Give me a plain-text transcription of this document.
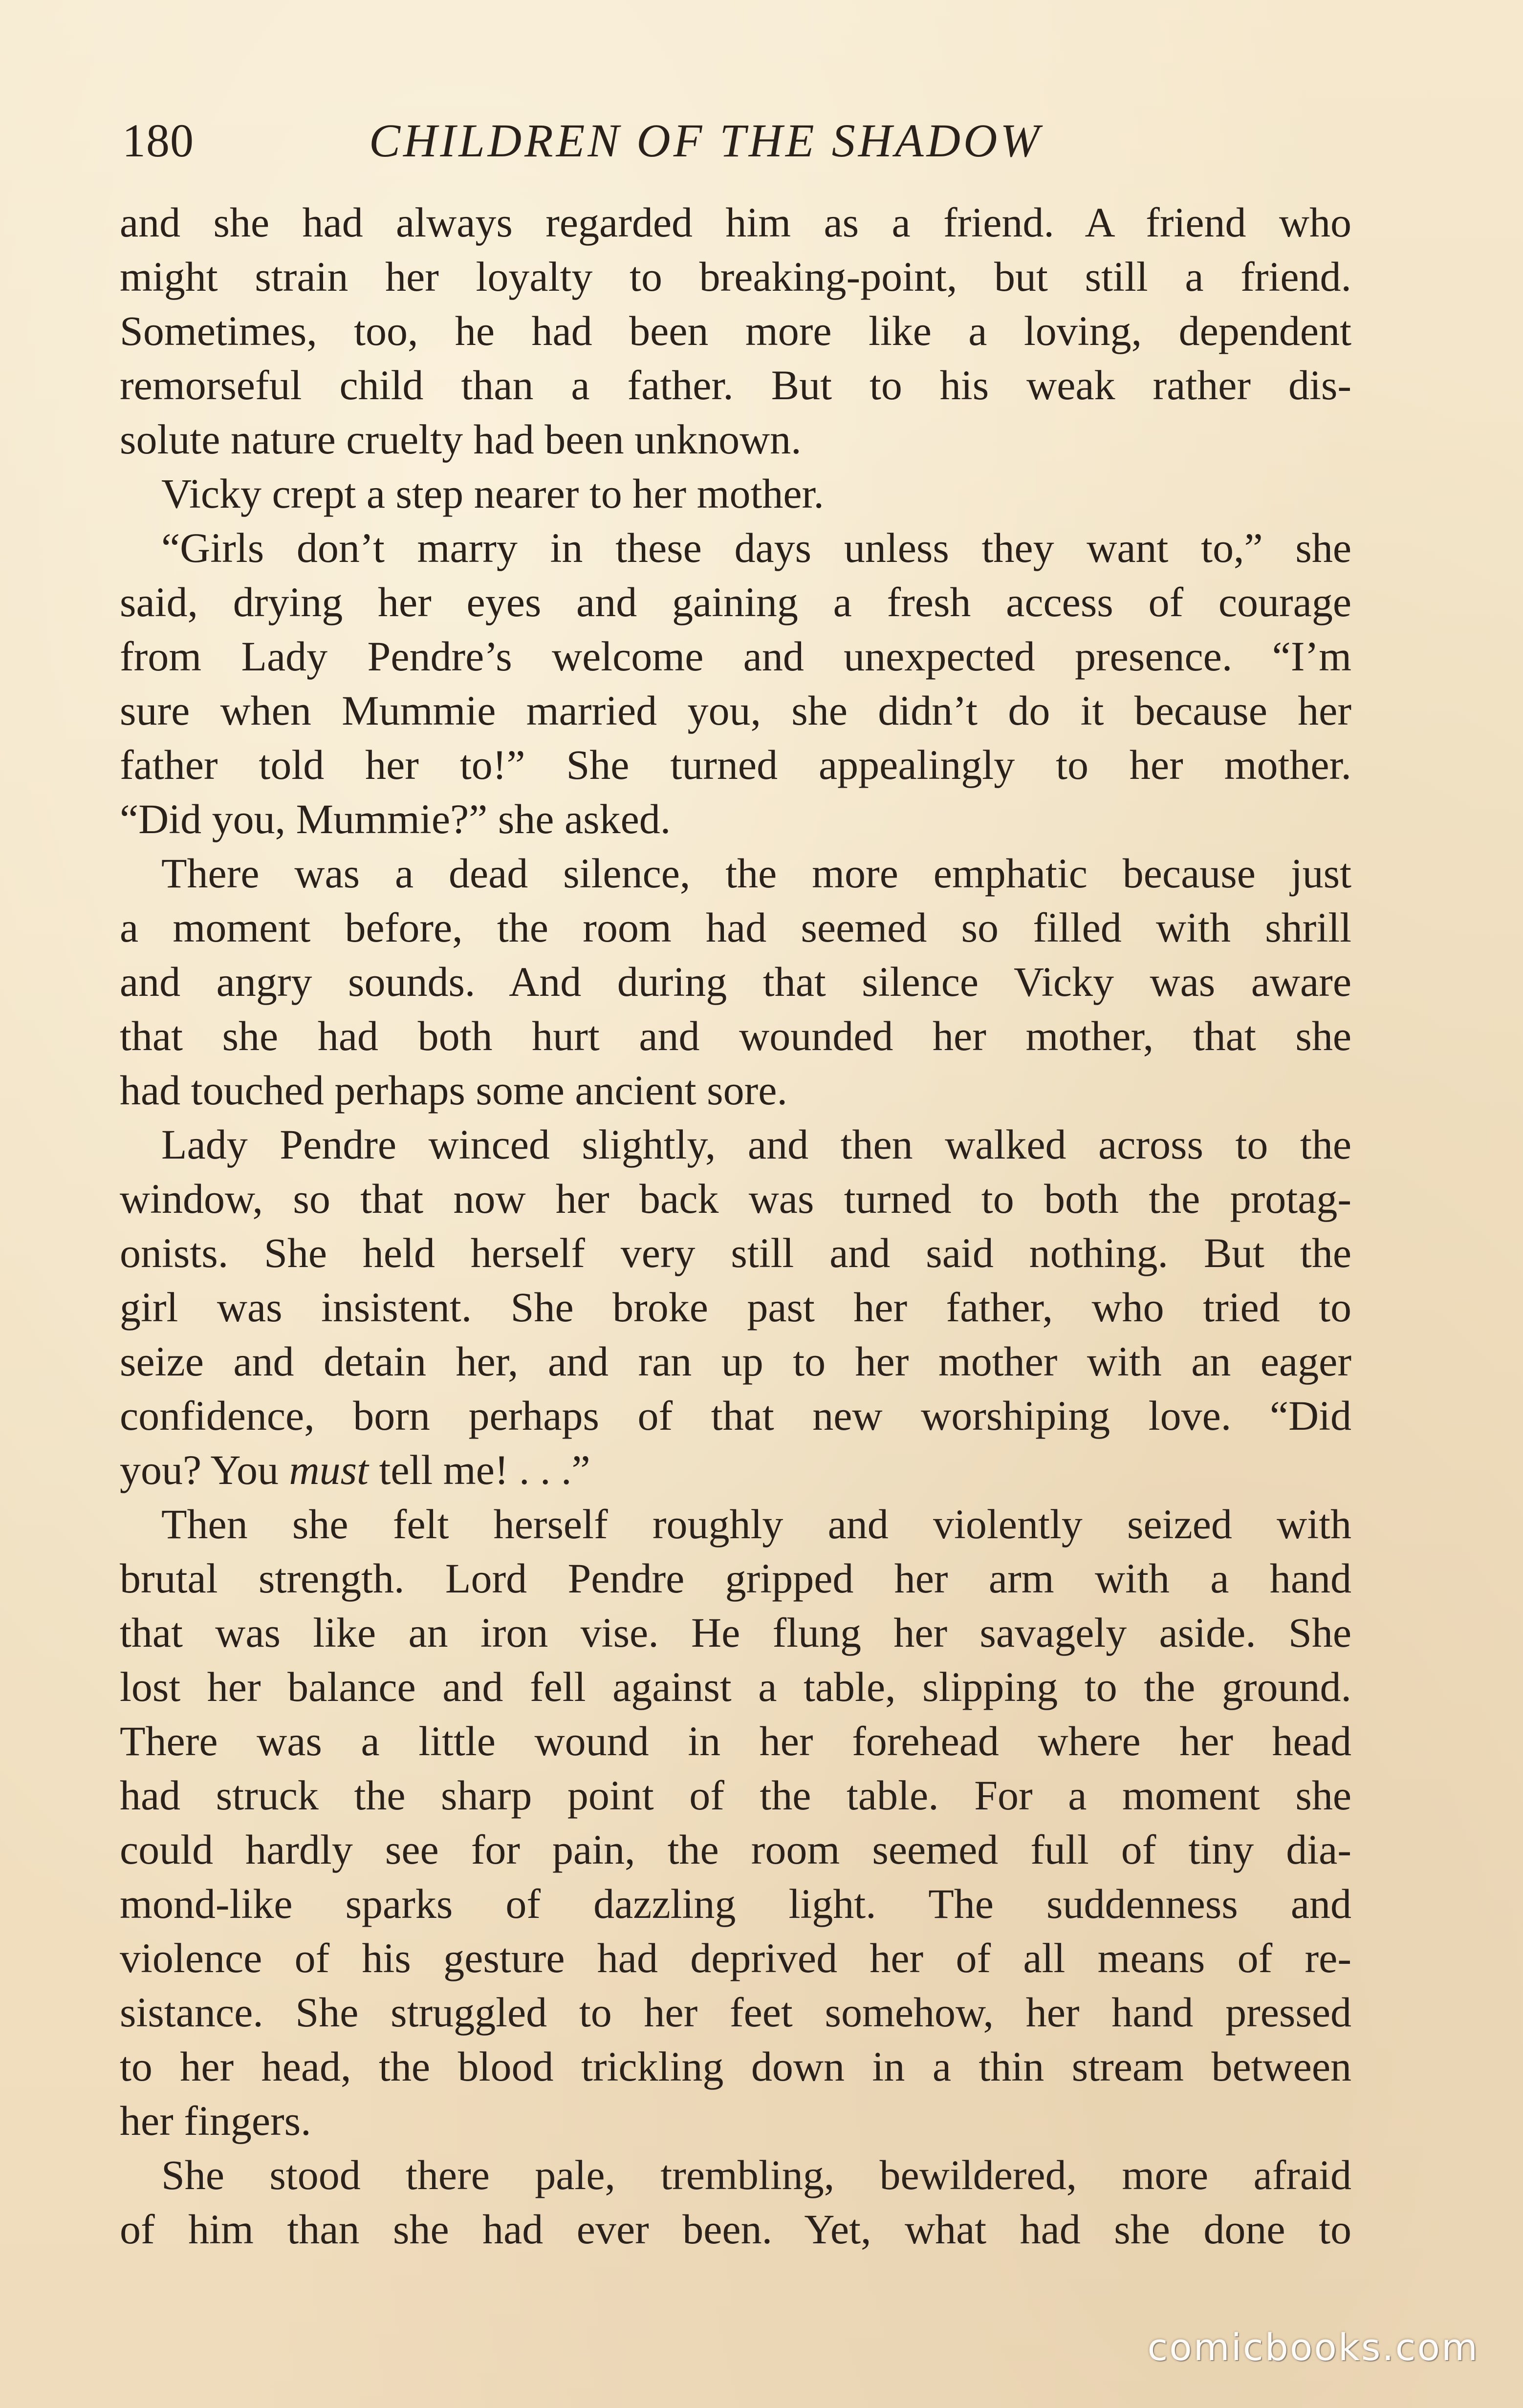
180	CHILDREN OF THE SHADOW
and she had always regarded him as a friend. A friend who
might strain her loyalty to breaking-point, but still a friend.
Sometimes, too, he had been more like a loving, dependent
remorseful child than a father. But to his weak rather dis-
solute nature cruelty had been unknown.
Vicky crept a step nearer to her mother.
“Girls don’t marry in these days unless they want to,” she
said, drying her eyes and gaining a fresh access of courage
from Lady Pendre’s welcome and unexpected presence. “I’m
sure when Mummie married you, she didn’t do it because her
father told her to!” She turned appealingly to her mother.
“Did you, Mummie?” she asked.
There was a dead silence, the more emphatic because just
a moment before, the room had seemed so filled with shrill
and angry sounds. And during that silence Vicky was aware
that she had both hurt and wounded her mother, that she
had touched perhaps some ancient sore.
Lady Pendre winced slightly, and then walked across to the
window, so that now her back was turned to both the protag-
onists. She held herself very still and said nothing. But the
girl was insistent. She broke past her father, who tried to
seize and detain her, and ran up to her mother with an eager
confidence, born perhaps of that new worshiping love. “Did
you? You must tell me! . . .”
Then she felt herself roughly and violently seized with
brutal strength. Lord Pendre gripped her arm with a hand
that was like an iron vise. He flung her savagely aside. She
lost her balance and fell against a table, slipping to the ground.
There was a little wound in her forehead where her head
had struck the sharp point of the table. For a moment she
could hardly see for pain, the room seemed full of tiny dia-
mond-like sparks of dazzling light. The suddenness and
violence of his gesture had deprived her of all means of re-
sistance. She struggled to her feet somehow, her hand pressed
to her head, the blood trickling down in a thin stream between
her fingers.
She stood there pale, trembling, bewildered, more afraid
of him than she had ever been. Yet, what had she done to
comicbooks.com
